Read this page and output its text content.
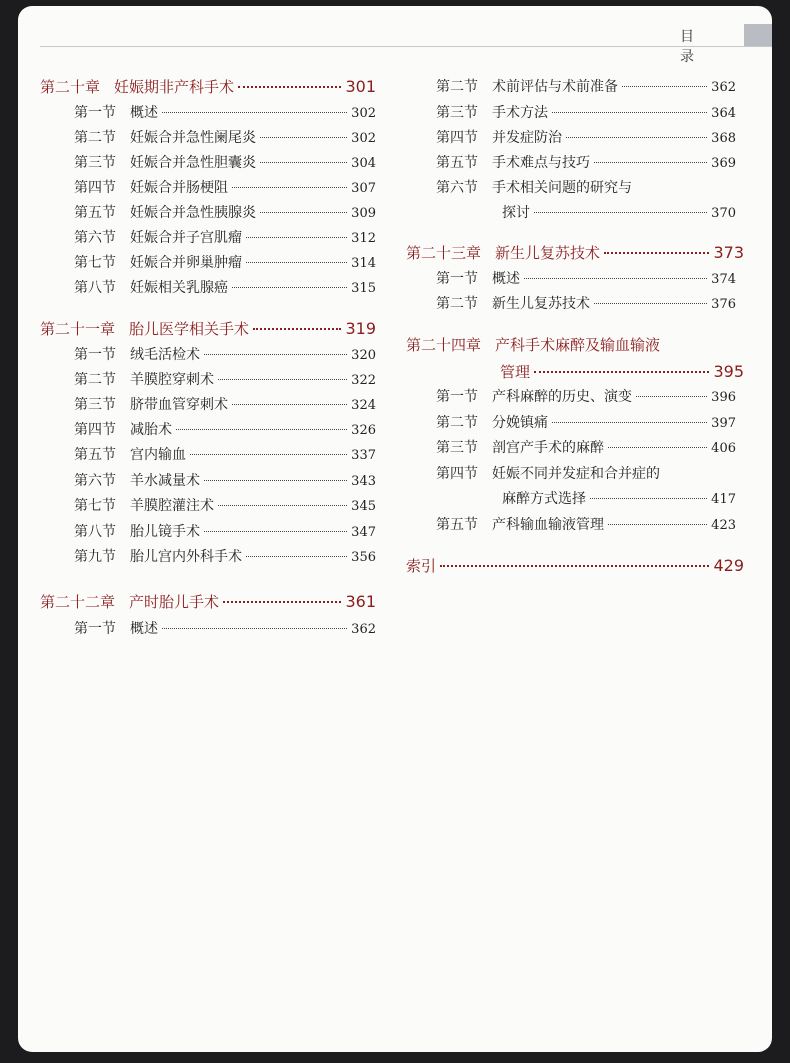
目 录
第二十章 妊娠期非产科手术	301
第一节 概述	302
第二节 妊娠合并急性阑尾炎	302
第三节 妊娠合并急性胆囊炎	304
第四节 妊娠合并肠梗阻	307
第五节 妊娠合并急性胰腺炎	309
第六节 妊娠合并子宫肌瘤	312
第七节 妊娠合并卵巢肿瘤	314
第八节 妊娠相关乳腺癌	315
第二十一章 胎儿医学相关手术	319
第一节 绒毛活检术	320
第二节 羊膜腔穿刺术	322
第三节 脐带血管穿刺术	324
第四节 减胎术	326
第五节 宫内输血	337
第六节 羊水减量术	343
第七节 羊膜腔灌注术	345
第八节 胎儿镜手术	347
第九节 胎儿宫内外科手术	356
第二十二章 产时胎儿手术	361
第一节 概述	362
第二节 术前评估与术前准备	362
第三节 手术方法	364
第四节 并发症防治	368
第五节 手术难点与技巧	369
第六节 手术相关问题的研究与
探讨	370
第二十三章 新生儿复苏技术	373
第一节 概述	374
第二节 新生儿复苏技术	376
第二十四章 产科手术麻醉及输血输液
管理	395
第一节 产科麻醉的历史、演变	396
第二节 分娩镇痛	397
第三节 剖宫产手术的麻醉	406
第四节 妊娠不同并发症和合并症的
麻醉方式选择	417
第五节 产科输血输液管理	423
索引	429
